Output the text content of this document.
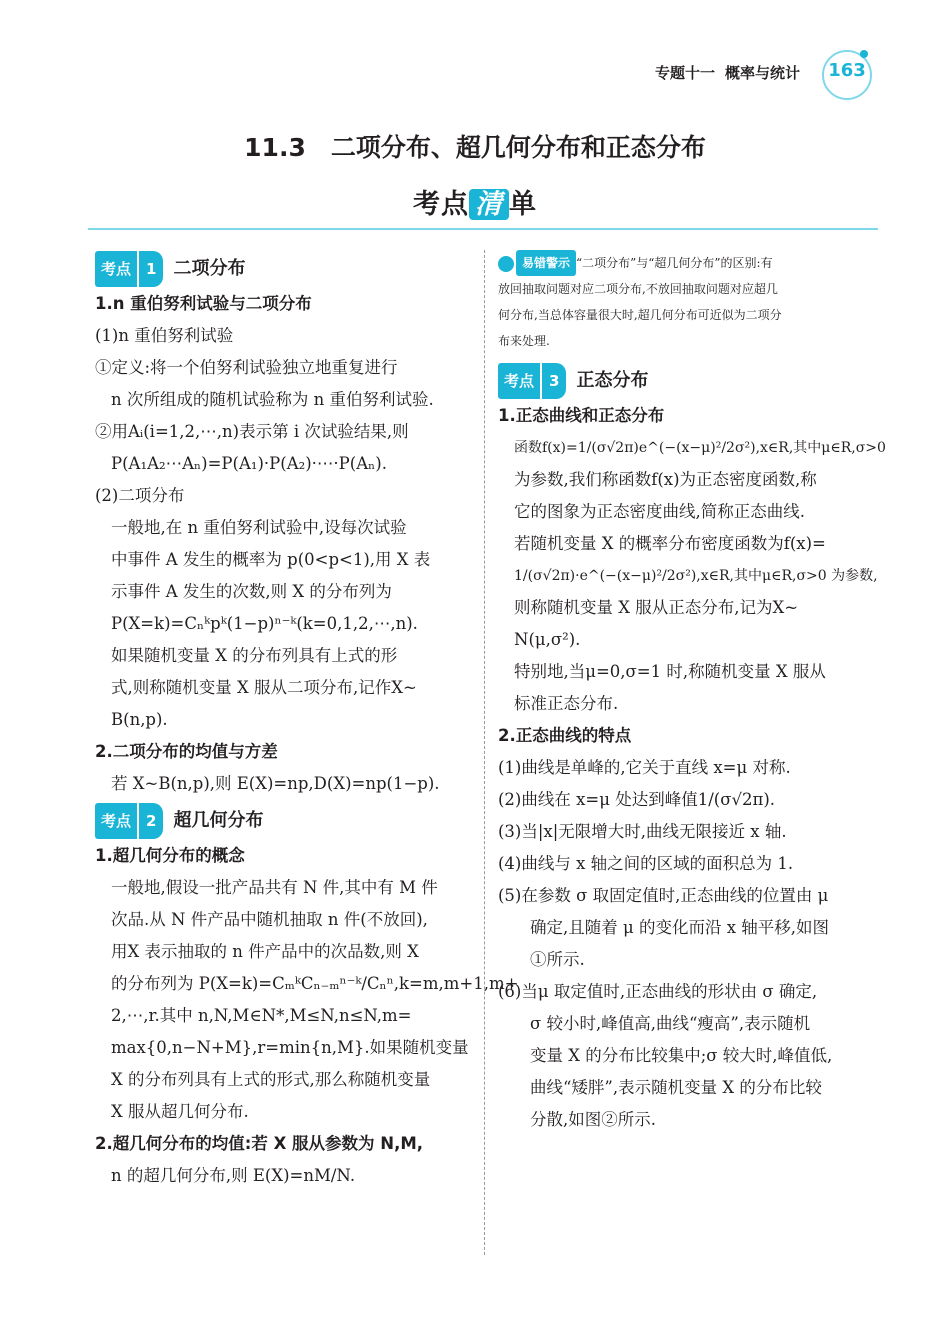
专题十一 概率与统计	163
11.3　二项分布、超几何分布和正态分布
考点 清 单
考点	1 二项分布

1.n 重伯努利试验与二项分布

(1)n 重伯努利试验

①定义:将一个伯努利试验独立地重复进行

n 次所组成的随机试验称为 n 重伯努利试验.

②用Aᵢ(i=1,2,⋯,n)表示第 i 次试验结果,则

P(A₁A₂⋯Aₙ)=P(A₁)·P(A₂)·⋯·P(Aₙ).

(2)二项分布

一般地,在 n 重伯努利试验中,设每次试验

中事件 A 发生的概率为 p(0<p<1),用 X 表

示事件 A 发生的次数,则 X 的分布列为

P(X=k)=Cₙᵏpᵏ(1−p)ⁿ⁻ᵏ(k=0,1,2,⋯,n).

如果随机变量 X 的分布列具有上式的形

式,则称随机变量 X 服从二项分布,记作X~

B(n,p).

2.二项分布的均值与方差

若 X~B(n,p),则 E(X)=np,D(X)=np(1−p).

考点	2 超几何分布

1.超几何分布的概念

一般地,假设一批产品共有 N 件,其中有 M 件

次品.从 N 件产品中随机抽取 n 件(不放回),

用X 表示抽取的 n 件产品中的次品数,则 X

的分布列为 P(X=k)=CₘᵏCₙ₋ₘⁿ⁻ᵏ/Cₙⁿ,k=m,m+1,m+

2,⋯,r.其中 n,N,M∈N*,M≤N,n≤N,m=

max{0,n−N+M},r=min{n,M}.如果随机变量

X 的分布列具有上式的形式,那么称随机变量

X 服从超几何分布.

2.超几何分布的均值:若 X 服从参数为 N,M,

n 的超几何分布,则 E(X)=nM/N.

易错警示 “二项分布”与“超几何分布”的区别:有

放回抽取问题对应二项分布,不放回抽取问题对应超几

何分布,当总体容量很大时,超几何分布可近似为二项分

布来处理.

考点	3 正态分布

1.正态曲线和正态分布

函数f(x)=1/(σ√2π)e^(−(x−μ)²/2σ²),x∈R,其中μ∈R,σ>0

为参数,我们称函数f(x)为正态密度函数,称

它的图象为正态密度曲线,简称正态曲线.

若随机变量 X 的概率分布密度函数为f(x)=

1/(σ√2π)·e^(−(x−μ)²/2σ²),x∈R,其中μ∈R,σ>0 为参数,

则称随机变量 X 服从正态分布,记为X~

N(μ,σ²).

特别地,当μ=0,σ=1 时,称随机变量 X 服从

标准正态分布.

2.正态曲线的特点

(1)曲线是单峰的,它关于直线 x=μ 对称.

(2)曲线在 x=μ 处达到峰值1/(σ√2π).

(3)当|x|无限增大时,曲线无限接近 x 轴.

(4)曲线与 x 轴之间的区域的面积总为 1.

(5)在参数 σ 取固定值时,正态曲线的位置由 μ

确定,且随着 μ 的变化而沿 x 轴平移,如图

①所示.

(6)当μ 取定值时,正态曲线的形状由 σ 确定,

σ 较小时,峰值高,曲线“瘦高”,表示随机

变量 X 的分布比较集中;σ 较大时,峰值低,

曲线“矮胖”,表示随机变量 X 的分布比较

分散,如图②所示.
